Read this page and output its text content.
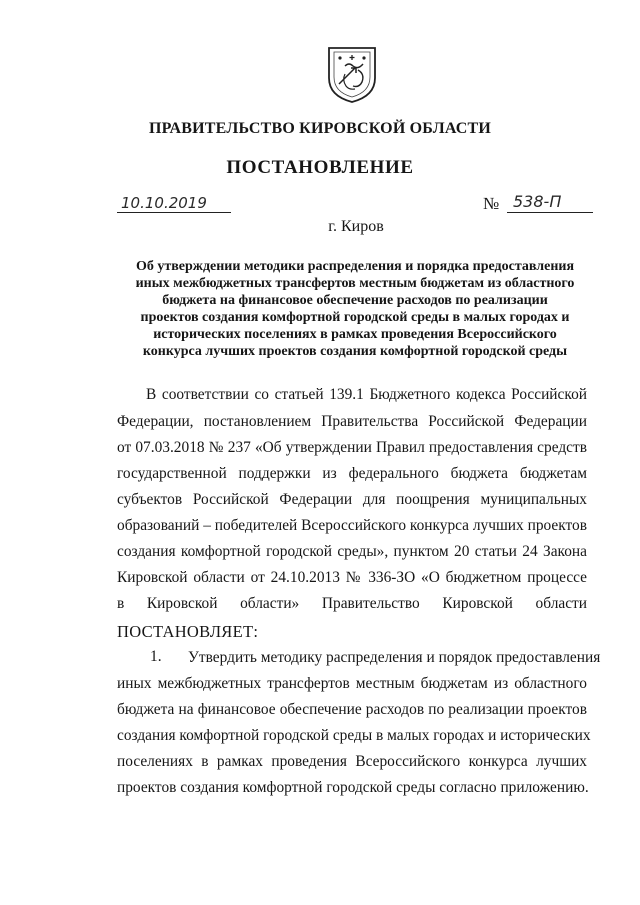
ПРАВИТЕЛЬСТВО КИРОВСКОЙ ОБЛАСТИ
ПОСТАНОВЛЕНИЕ
10.10.2019	№ 538-П
г. Киров
Об утверждении методики распределения и порядка предоставления
иных межбюджетных трансфертов местным бюджетам из областного
бюджета на финансовое обеспечение расходов по реализации
проектов создания комфортной городской среды в малых городах и
исторических поселениях в рамках проведения Всероссийского
конкурса лучших проектов создания комфортной городской среды
В соответствии со статьей 139.1 Бюджетного кодекса Российской
Федерации, постановлением Правительства Российской Федерации
от 07.03.2018 № 237 «Об утверждении Правил предоставления средств
государственной поддержки из федерального бюджета бюджетам
субъектов Российской Федерации для поощрения муниципальных
образований – победителей Всероссийского конкурса лучших проектов
создания комфортной городской среды», пунктом 20 статьи 24 Закона
Кировской области от 24.10.2013 № 336-ЗО «О бюджетном процессе
в Кировской области» Правительство Кировской области
ПОСТАНОВЛЯЕТ:
1. Утвердить методику распределения и порядок предоставления
иных межбюджетных трансфертов местным бюджетам из областного
бюджета на финансовое обеспечение расходов по реализации проектов
создания комфортной городской среды в малых городах и исторических
поселениях в рамках проведения Всероссийского конкурса лучших
проектов создания комфортной городской среды согласно приложению.
